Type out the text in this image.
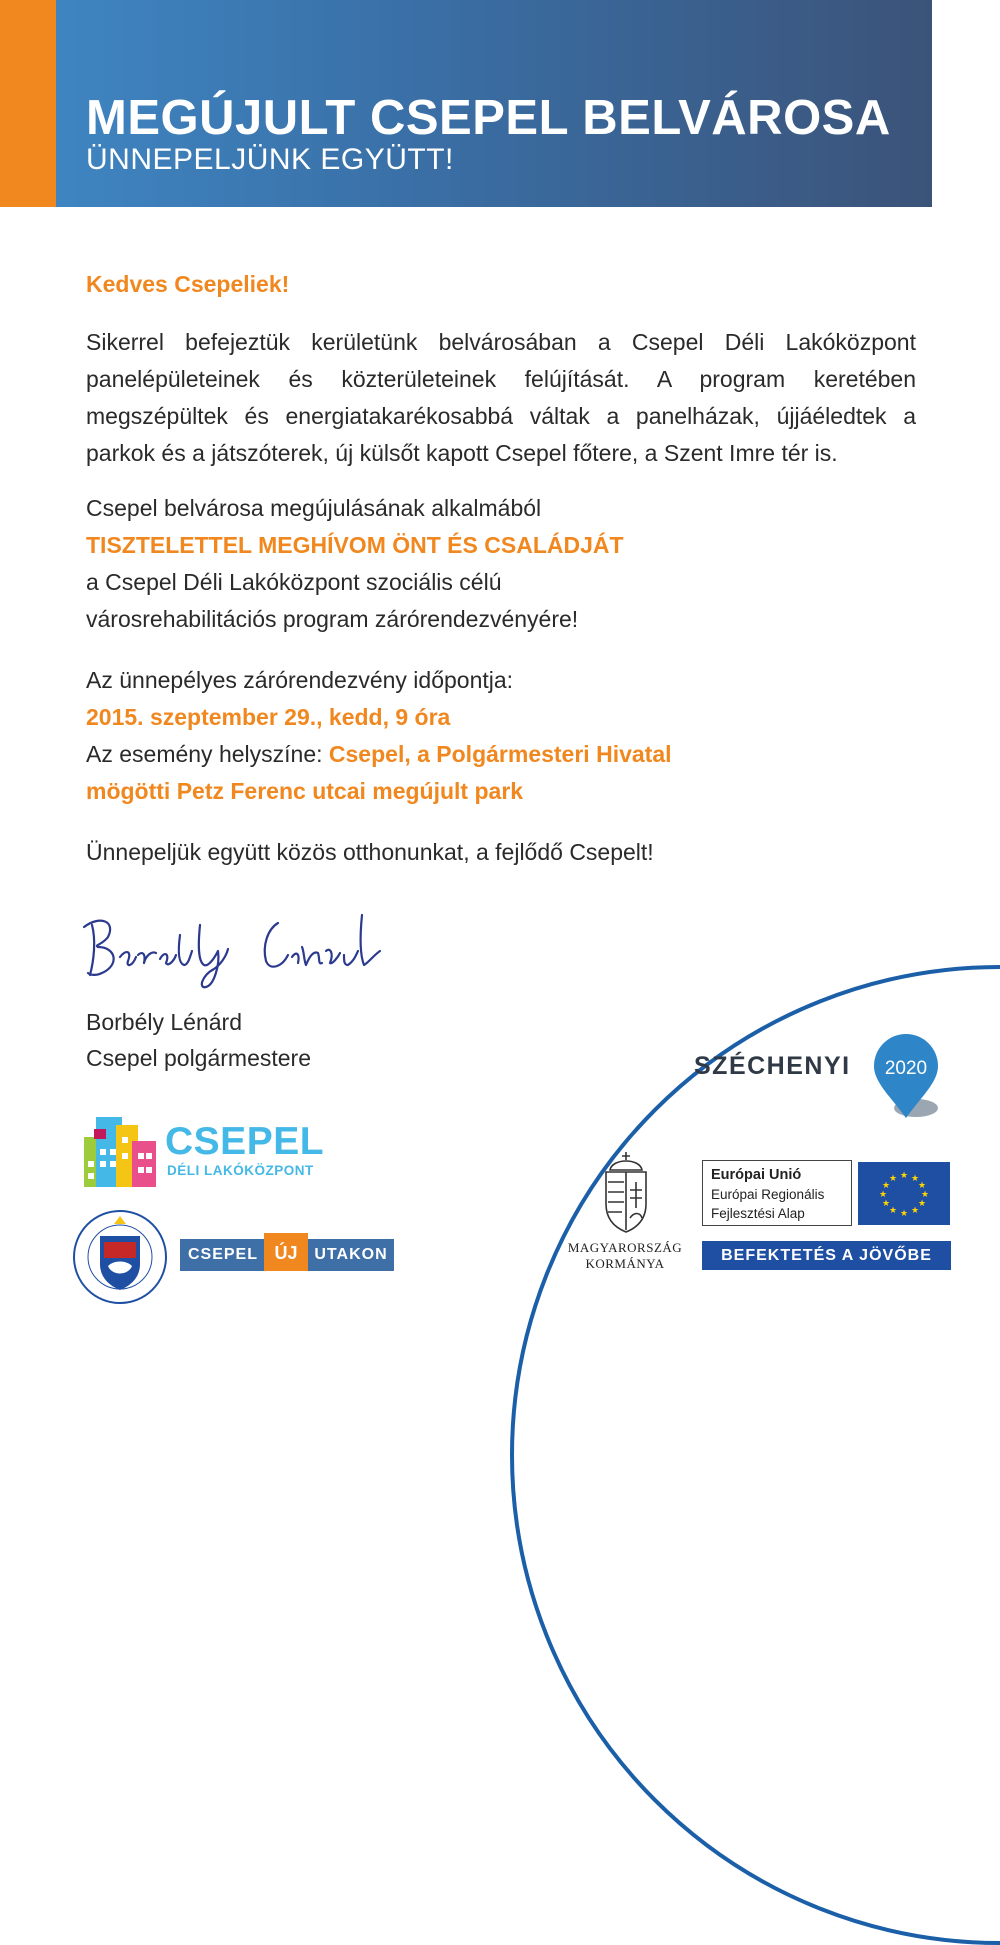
MEGÚJULT CSEPEL BELVÁROSA
ÜNNEPELJÜNK EGYÜTT!
Kedves Csepeliek!
Sikerrel befejeztük kerületünk belvárosában a Csepel Déli Lakóközpont panelépületeinek és közterületeinek felújítását. A program keretében megszépültek és energiatakarékosabbá váltak a panelházak, újjáéledtek a parkok és a játszóterek, új külsőt kapott Csepel főtere, a Szent Imre tér is.
Csepel belvárosa megújulásának alkalmából
TISZTELETTEL MEGHÍVOM ÖNT ÉS CSALÁDJÁT
a Csepel Déli Lakóközpont szociális célú
városrehabilitációs program zárórendezvényére!
Az ünnepélyes zárórendezvény időpontja:
2015. szeptember 29., kedd, 9 óra
Az esemény helyszíne: Csepel, a Polgármesteri Hivatal
mögötti Petz Ferenc utcai megújult park
Ünnepeljük együtt közös otthonunkat, a fejlődő Csepelt!
Borbély Lénárd
Csepel polgármestere	SZÉCHENYI 2020
MAGYARORSZÁG
KORMÁNYA
Európai Unió
Európai Regionális
Fejlesztési Alap
★ ★
★
★
★
★
★
★
★
★
★
★
BEFEKTETÉS A JÖVŐBE
CSEPEL
DÉLI LAKÓKÖZPONT
CSEPEL ÚJ	UTAKON
